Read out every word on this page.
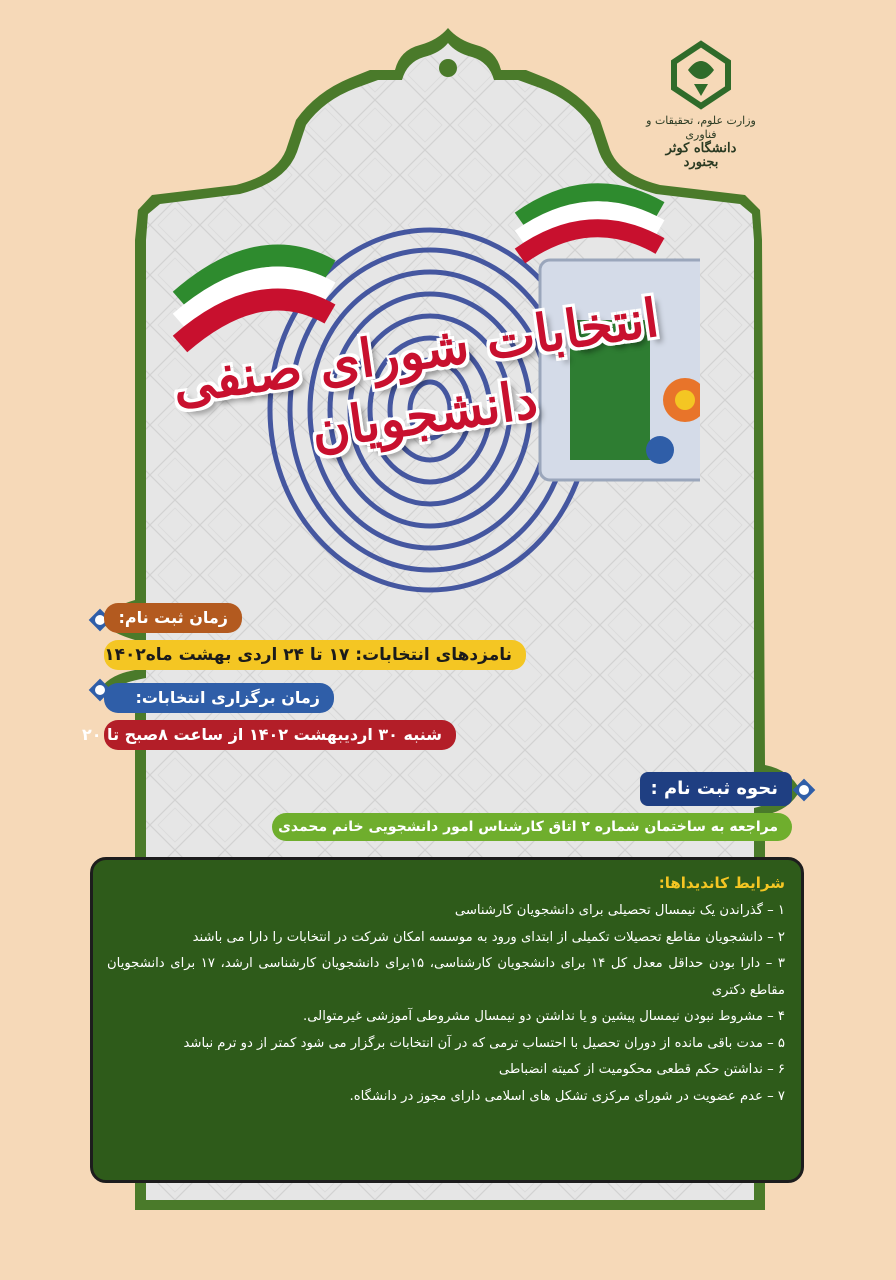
وزارت علوم، تحقیقات و فناوری
دانشگاه کوثر بجنورد
انتخابات شورای صنفی دانشجویان
زمان ثبت نام:
نامزدهای انتخابات: ۱۷ تا ۲۴ اردی بهشت ماه۱۴۰۲
زمان برگزاری انتخابات:
شنبه ۳۰ اردیبهشت ۱۴۰۲ از ساعت ۸صبح تا ۲۰
نحوه ثبت نام :
مراجعه به ساختمان شماره ۲ اتاق کارشناس امور دانشجویی خانم محمدی
شرایط کاندیداها:
۱ – گذراندن یک نیمسال تحصیلی برای دانشجویان کارشناسی
۲ – دانشجویان مقاطع تحصیلات تکمیلی از ابتدای ورود به موسسه امکان شرکت در انتخابات را دارا می باشند
۳ – دارا بودن حداقل معدل کل ۱۴ برای دانشجویان کارشناسی، ۱۵برای دانشجویان کارشناسی ارشد، ۱۷ برای دانشجویان مقاطع دکتری
۴ – مشروط نبودن نیمسال پیشین و یا نداشتن دو نیمسال مشروطی آموزشی غیرمتوالی.
۵ – مدت باقی مانده از دوران تحصیل با احتساب ترمی که در آن انتخابات برگزار می شود کمتر از دو ترم نباشد
۶ – نداشتن حکم قطعی محکومیت از کمیته انضباطی
۷ – عدم عضویت در شورای مرکزی تشکل های اسلامی دارای مجوز در دانشگاه.
